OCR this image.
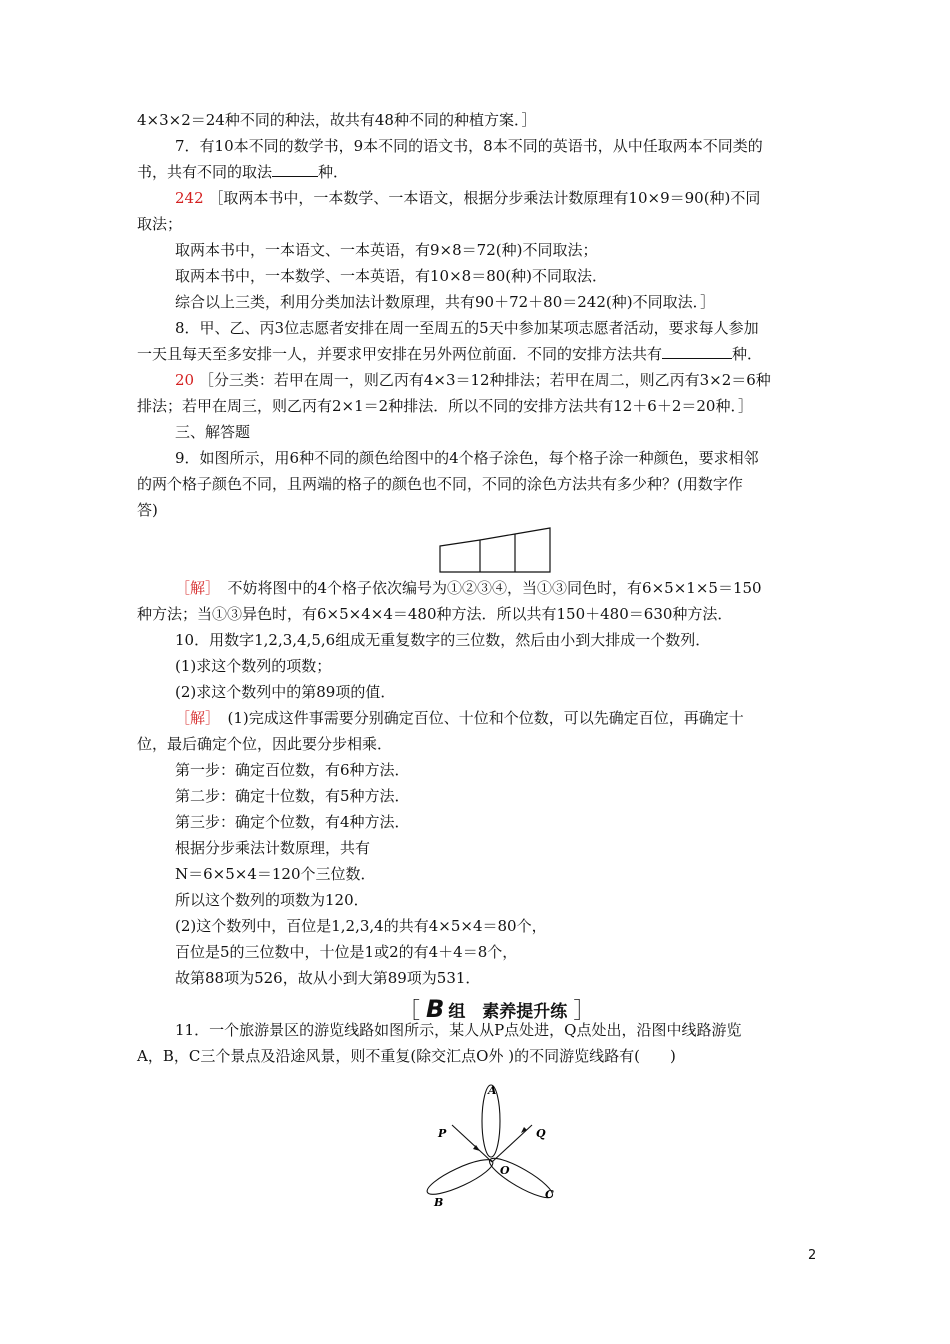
4×3×2＝24种不同的种法，故共有48种不同的种植方案．］
7．有10本不同的数学书，9本不同的语文书，8本不同的英语书，从中任取两本不同类的
书，共有不同的取法	种．
242 ［取两本书中，一本数学、一本语文，根据分步乘法计数原理有10×9＝90(种)不同
取法；
取两本书中，一本语文、一本英语，有9×8＝72(种)不同取法；
取两本书中，一本数学、一本英语，有10×8＝80(种)不同取法．
综合以上三类，利用分类加法计数原理，共有90＋72＋80＝242(种)不同取法．］
8．甲、乙、丙3位志愿者安排在周一至周五的5天中参加某项志愿者活动，要求每人参加
一天且每天至多安排一人，并要求甲安排在另外两位前面．不同的安排方法共有	种．
20 ［分三类：若甲在周一，则乙丙有4×3＝12种排法；若甲在周二，则乙丙有3×2＝6种
排法；若甲在周三，则乙丙有2×1＝2种排法．所以不同的安排方法共有12＋6＋2＝20种．］
三、解答题
9．如图所示，用6种不同的颜色给图中的4个格子涂色，每个格子涂一种颜色，要求相邻
的两个格子颜色不同，且两端的格子的颜色也不同，不同的涂色方法共有多少种？(用数字作
答)
［解］　不妨将图中的4个格子依次编号为①②③④，当①③同色时，有6×5×1×5＝150
种方法；当①③异色时，有6×5×4×4＝480种方法．所以共有150＋480＝630种方法．
10．用数字1,2,3,4,5,6组成无重复数字的三位数，然后由小到大排成一个数列．
(1)求这个数列的项数；
(2)求这个数列中的第89项的值．
［解］　(1)完成这件事需要分别确定百位、十位和个位数，可以先确定百位，再确定十
位，最后确定个位，因此要分步相乘．
第一步：确定百位数，有6种方法．
第二步：确定十位数，有5种方法．
第三步：确定个位数，有4种方法．
根据分步乘法计数原理，共有
N＝6×5×4＝120个三位数．
所以这个数列的项数为120．
(2)这个数列中，百位是1,2,3,4的共有4×5×4＝80个，
百位是5的三位数中，十位是1或2的有4＋4＝8个，
故第88项为526，故从小到大第89项为531．
11．一个旅游景区的游览线路如图所示，某人从P点处进，Q点处出，沿图中线路游览
A，B，C三个景点及沿途风景，则不重复(除交汇点O外 )的不同游览线路有(　　)
［ B 组　素养提升练 ］
A
P	Q
O
B
C
2
